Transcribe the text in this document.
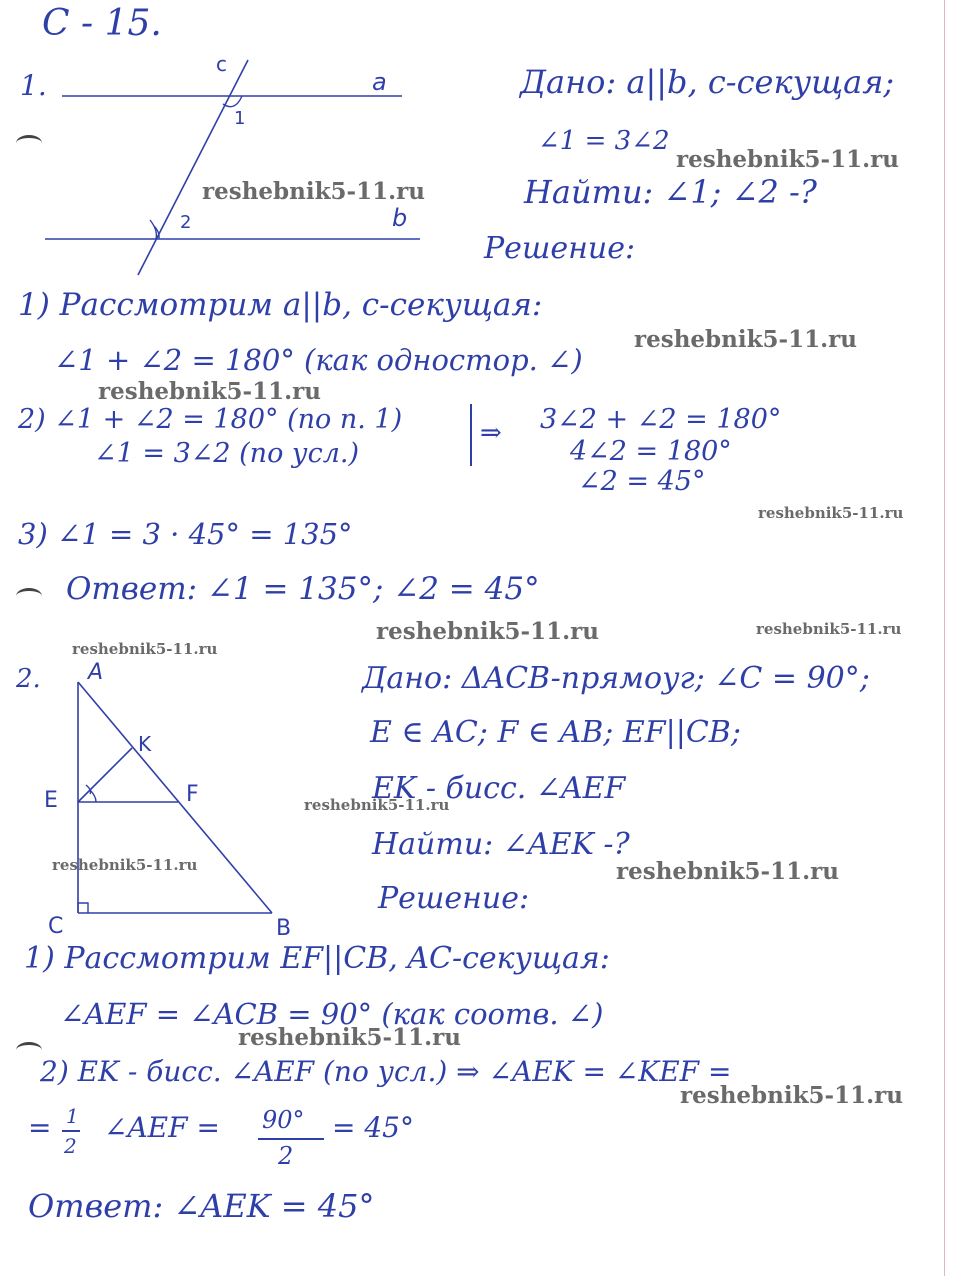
C - 15.
1.
c
a
1
2	b
Дано: a||b, c-секущая;
∠1 = 3∠2
Найти: ∠1; ∠2 -?
Решение:
1) Рассмотрим a||b, c-секущая:
∠1 + ∠2 = 180° (как одностор. ∠)
2) ∠1 + ∠2 = 180° (по п. 1)
∠1 = 3∠2 (по усл.)
⇒ 3∠2 + ∠2 = 180°
4∠2 = 180°
∠2 = 45°
3) ∠1 = 3 · 45° = 135°
Ответ: ∠1 = 135°; ∠2 = 45°
2. A
K
E	F
C	B
Дано: ΔACB-прямоуг; ∠C = 90°;
E ∈ AC; F ∈ AB; EF||CB;
EK - бисс. ∠AEF
Найти: ∠AEK -?
Решение:
1) Рассмотрим EF||CB, AC-секущая:
∠AEF = ∠ACB = 90° (как соотв. ∠)
2) EK - бисс. ∠AEF (по усл.) ⇒ ∠AEK = ∠KEF =
= 1
2
∠AEF = 90°
2
= 45°
Ответ: ∠AEK = 45°
reshebnik5-11.ru
reshebnik5-11.ru
reshebnik5-11.ru
reshebnik5-11.ru
reshebnik5-11.ru
reshebnik5-11.ru	reshebnik5-11.ru
reshebnik5-11.ru
reshebnik5-11.ru
reshebnik5-11.ru	reshebnik5-11.ru
reshebnik5-11.ru
reshebnik5-11.ru
